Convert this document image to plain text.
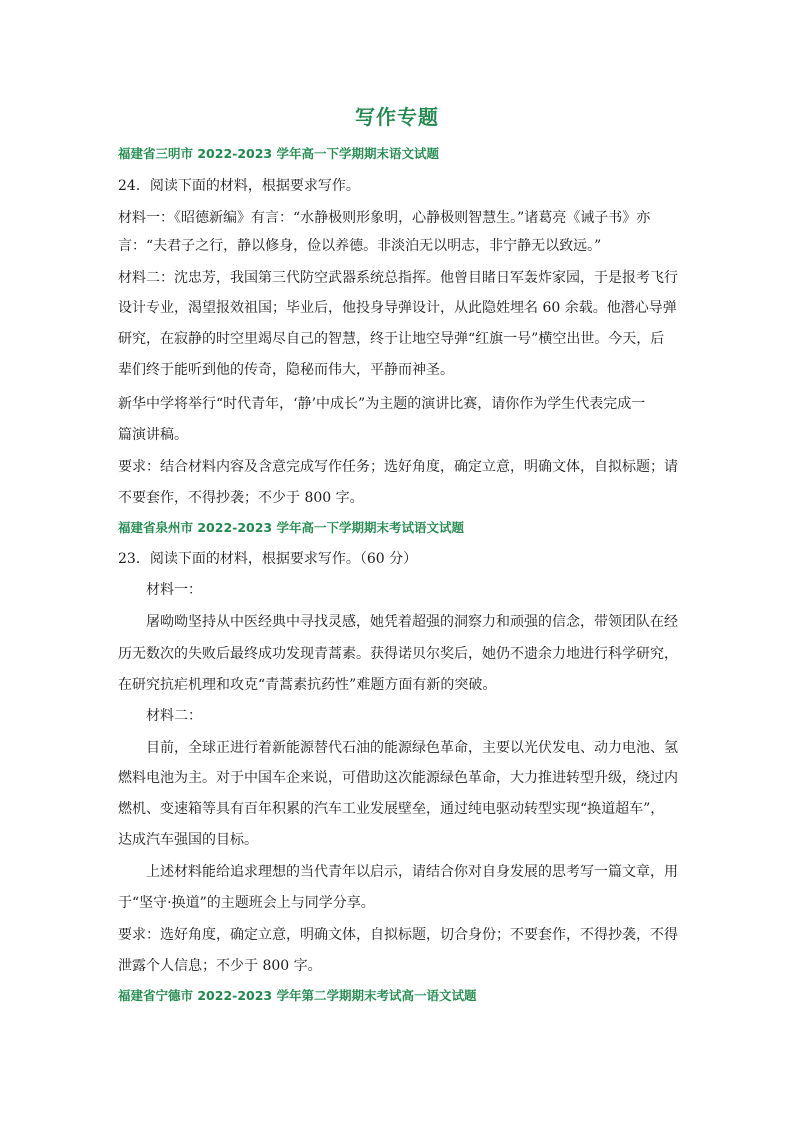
写作专题
福建省三明市 2022-2023 学年高一下学期期末语文试题
24．阅读下面的材料，根据要求写作。
材料一：《昭德新编》有言：“水静极则形象明，心静极则智慧生。”诸葛亮《诫子书》亦
言：“夫君子之行，静以修身，俭以养德。非淡泊无以明志，非宁静无以致远。”
材料二：沈忠芳，我国第三代防空武器系统总指挥。他曾目睹日军轰炸家园，于是报考飞行
设计专业，渴望报效祖国；毕业后，他投身导弹设计，从此隐姓埋名 60 余载。他潜心导弹
研究，在寂静的时空里竭尽自己的智慧，终于让地空导弹“红旗一号”横空出世。今天，后
辈们终于能听到他的传奇，隐秘而伟大，平静而神圣。
新华中学将举行“时代青年，‘静’中成长”为主题的演讲比赛，请你作为学生代表完成一
篇演讲稿。
要求：结合材料内容及含意完成写作任务；选好角度，确定立意，明确文体，自拟标题；请
不要套作，不得抄袭；不少于 800 字。
福建省泉州市 2022-2023 学年高一下学期期末考试语文试题
23．阅读下面的材料，根据要求写作。（60 分）
材料一：
屠呦呦坚持从中医经典中寻找灵感，她凭着超强的洞察力和顽强的信念，带领团队在经
历无数次的失败后最终成功发现青蒿素。获得诺贝尔奖后，她仍不遗余力地进行科学研究，
在研究抗疟机理和攻克“青蒿素抗药性”难题方面有新的突破。
材料二：
目前，全球正进行着新能源替代石油的能源绿色革命，主要以光伏发电、动力电池、氢
燃料电池为主。对于中国车企来说，可借助这次能源绿色革命，大力推进转型升级，绕过内
燃机、变速箱等具有百年积累的汽车工业发展壁垒，通过纯电驱动转型实现“换道超车”，
达成汽车强国的目标。
上述材料能给追求理想的当代青年以启示，请结合你对自身发展的思考写一篇文章，用
于“坚守·换道”的主题班会上与同学分享。
要求：选好角度，确定立意，明确文体，自拟标题，切合身份；不要套作，不得抄袭，不得
泄露个人信息；不少于 800 字。
福建省宁德市 2022-2023 学年第二学期期末考试高一语文试题
